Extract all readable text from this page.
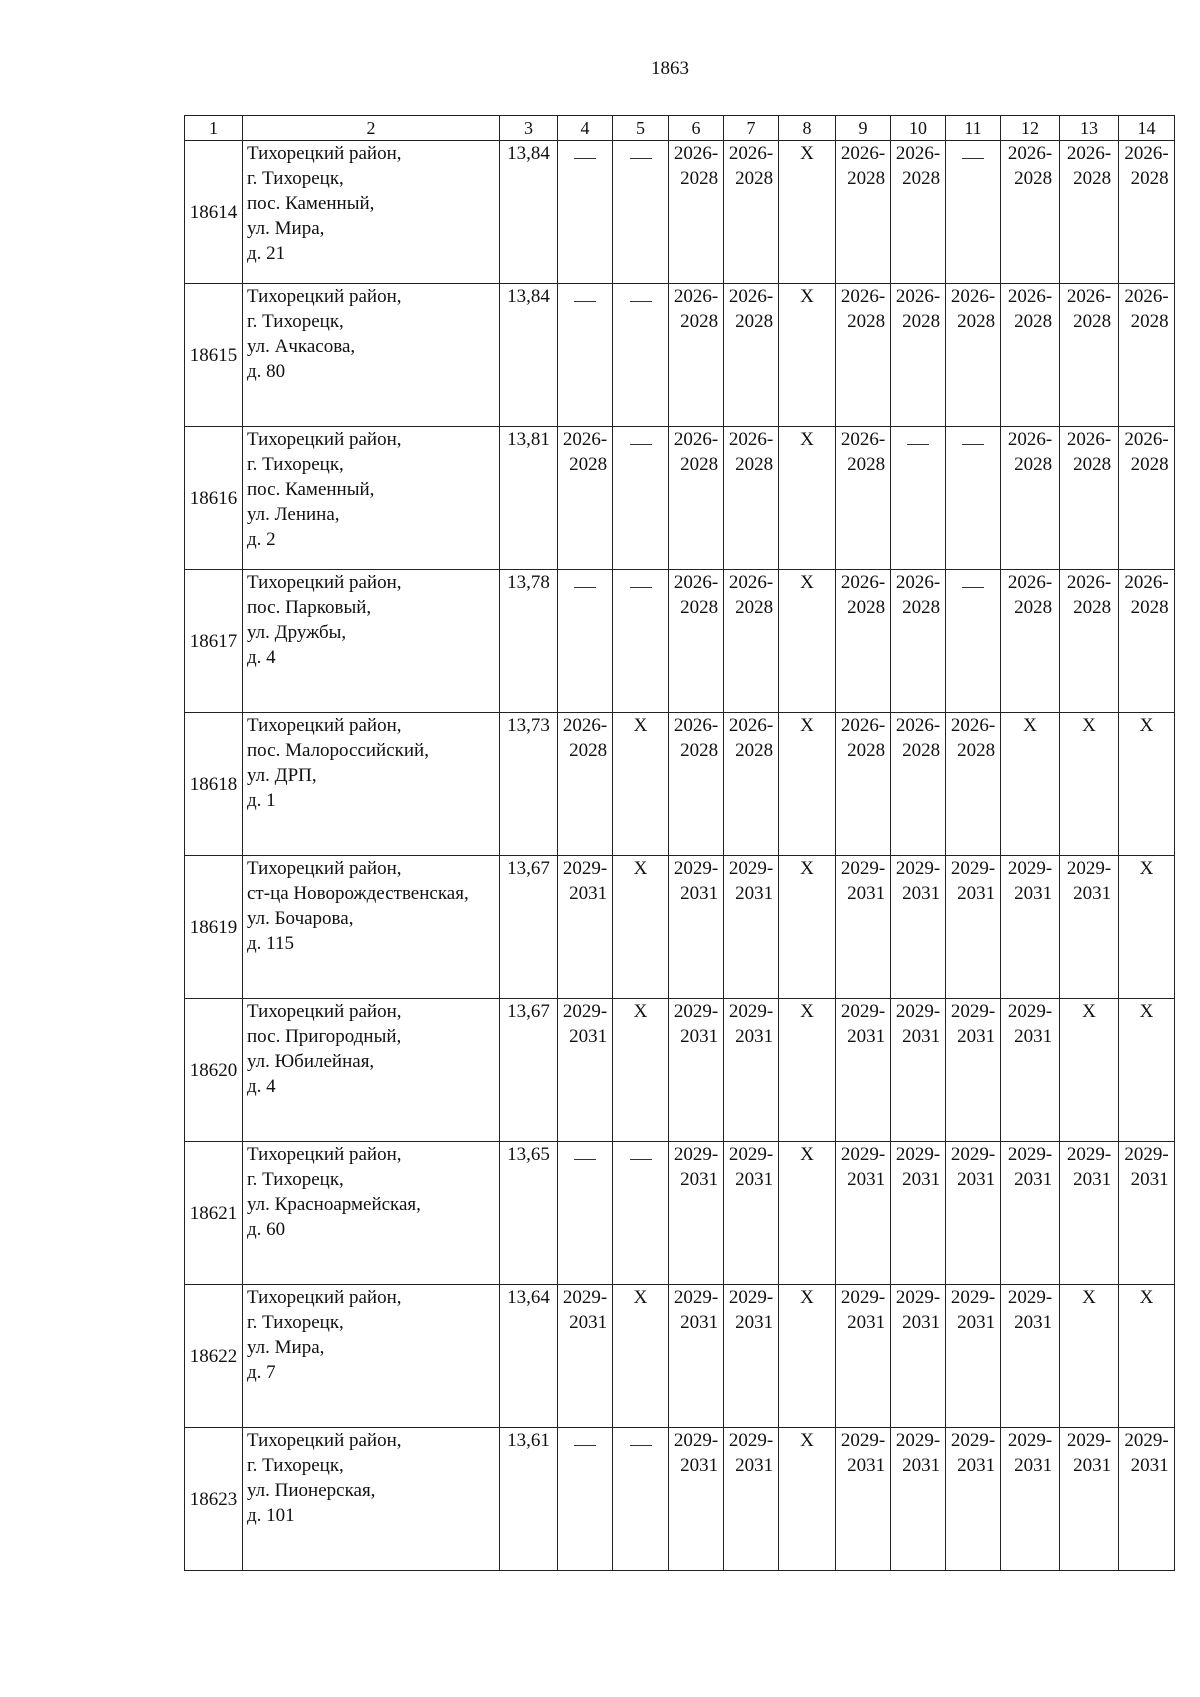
1863
1	2	3	4	5	6	7	8	9	10	11	12	13	14
18614	Тихорецкий район,
г. Тихорецк,
пос. Каменный,
ул. Мира,
д. 21	13,84			2026-
2028	2026-
2028	X	2026-
2028	2026-
2028		2026-
2028	2026-
2028	2026-
2028
18615	Тихорецкий район,
г. Тихорецк,
ул. Ачкасова,
д. 80	13,84			2026-
2028	2026-
2028	X	2026-
2028	2026-
2028	2026-
2028	2026-
2028	2026-
2028	2026-
2028
18616	Тихорецкий район,
г. Тихорецк,
пос. Каменный,
ул. Ленина,
д. 2	13,81	2026-
2028		2026-
2028	2026-
2028	X	2026-
2028			2026-
2028	2026-
2028	2026-
2028
18617	Тихорецкий район,
пос. Парковый,
ул. Дружбы,
д. 4	13,78			2026-
2028	2026-
2028	X	2026-
2028	2026-
2028		2026-
2028	2026-
2028	2026-
2028
18618	Тихорецкий район,
пос. Малороссийский,
ул. ДРП,
д. 1	13,73	2026-
2028	X	2026-
2028	2026-
2028	X	2026-
2028	2026-
2028	2026-
2028	X	X	X
18619	Тихорецкий район,
ст-ца Новорождественская,
ул. Бочарова,
д. 115	13,67	2029-
2031	X	2029-
2031	2029-
2031	X	2029-
2031	2029-
2031	2029-
2031	2029-
2031	2029-
2031	X
18620	Тихорецкий район,
пос. Пригородный,
ул. Юбилейная,
д. 4	13,67	2029-
2031	X	2029-
2031	2029-
2031	X	2029-
2031	2029-
2031	2029-
2031	2029-
2031	X	X
18621	Тихорецкий район,
г. Тихорецк,
ул. Красноармейская,
д. 60	13,65			2029-
2031	2029-
2031	X	2029-
2031	2029-
2031	2029-
2031	2029-
2031	2029-
2031	2029-
2031
18622	Тихорецкий район,
г. Тихорецк,
ул. Мира,
д. 7	13,64	2029-
2031	X	2029-
2031	2029-
2031	X	2029-
2031	2029-
2031	2029-
2031	2029-
2031	X	X
18623	Тихорецкий район,
г. Тихорецк,
ул. Пионерская,
д. 101	13,61			2029-
2031	2029-
2031	X	2029-
2031	2029-
2031	2029-
2031	2029-
2031	2029-
2031	2029-
2031
